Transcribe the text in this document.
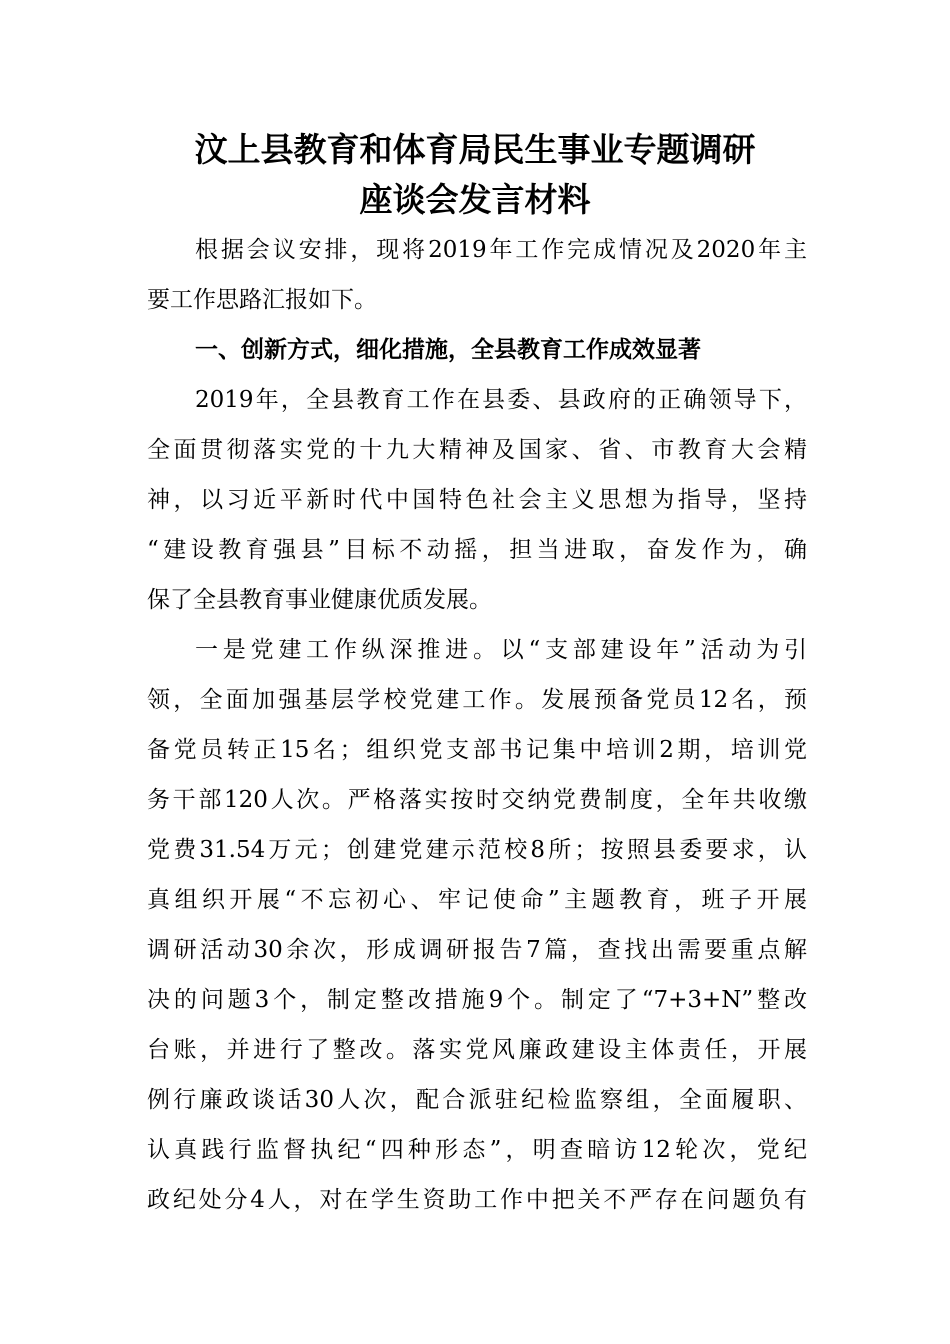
汶上县教育和体育局民生事业专题调研
座谈会发言材料
根据会议安排，现将2019年工作完成情况及2020年主
要工作思路汇报如下。
一、创新方式，细化措施，全县教育工作成效显著
2019年，全县教育工作在县委、县政府的正确领导下，
全面贯彻落实党的十九大精神及国家、省、市教育大会精
神，以习近平新时代中国特色社会主义思想为指导，坚持
“建设教育强县”目标不动摇，担当进取，奋发作为，确
保了全县教育事业健康优质发展。
一是党建工作纵深推进。以“支部建设年”活动为引
领，全面加强基层学校党建工作。发展预备党员12名，预
备党员转正15名；组织党支部书记集中培训2期，培训党
务干部120人次。严格落实按时交纳党费制度，全年共收缴
党费31.54万元；创建党建示范校8所；按照县委要求，认
真组织开展“不忘初心、牢记使命”主题教育，班子开展
调研活动30余次，形成调研报告7篇，查找出需要重点解
决的问题3个，制定整改措施9个。制定了“7+3+N”整改
台账，并进行了整改。落实党风廉政建设主体责任，开展
例行廉政谈话30人次，配合派驻纪检监察组，全面履职、
认真践行监督执纪“四种形态”，明查暗访12轮次，党纪
政纪处分4人，对在学生资助工作中把关不严存在问题负有
